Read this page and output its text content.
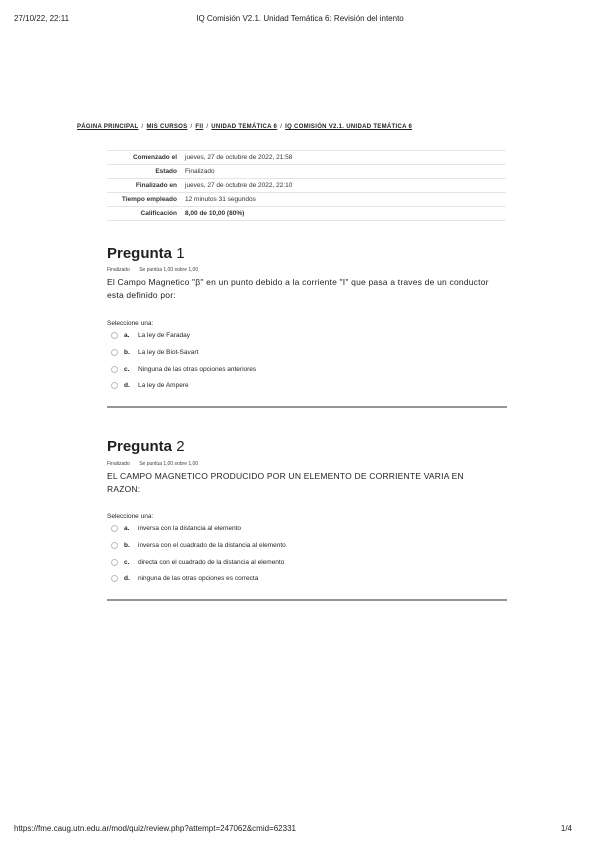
27/10/22, 22:11	IQ Comisión V2.1. Unidad Temática 6: Revisión del intento
PÁGINA PRINCIPAL / MIS CURSOS / FII / UNIDAD TEMÁTICA 6 / IQ COMISIÓN V2.1. UNIDAD TEMÁTICA 6
Comenzado el	jueves, 27 de octubre de 2022, 21:58
Estado	Finalizado
Finalizado en	jueves, 27 de octubre de 2022, 22:10
Tiempo empleado	12 minutos 31 segundos
Calificación	8,00 de 10,00 (80%)
Pregunta 1
Finalizado Se puntúa 1,00 sobre 1,00
El Campo Magnetico "β" en un punto debido a la corriente "I" que pasa a traves de un conductor esta definido por:
Seleccione una:
a.	La ley de Faraday
b.	La ley de Biot-Savart
c.	Ninguna de las otras opciones anteriores
d.	La ley de Ampere
Pregunta 2
Finalizado Se puntúa 1,00 sobre 1,00
EL CAMPO MAGNETICO PRODUCIDO POR UN ELEMENTO DE CORRIENTE VARIA EN RAZON:
Seleccione una:
a.	inversa con la distancia al elemento
b.	inversa con el cuadrado de la distancia al elemento
c.	directa con el cuadrado de la distancia al elemento
d.	ninguna de las otras opciones es correcta
https://fme.caug.utn.edu.ar/mod/quiz/review.php?attempt=247062&cmid=62331	1/4
